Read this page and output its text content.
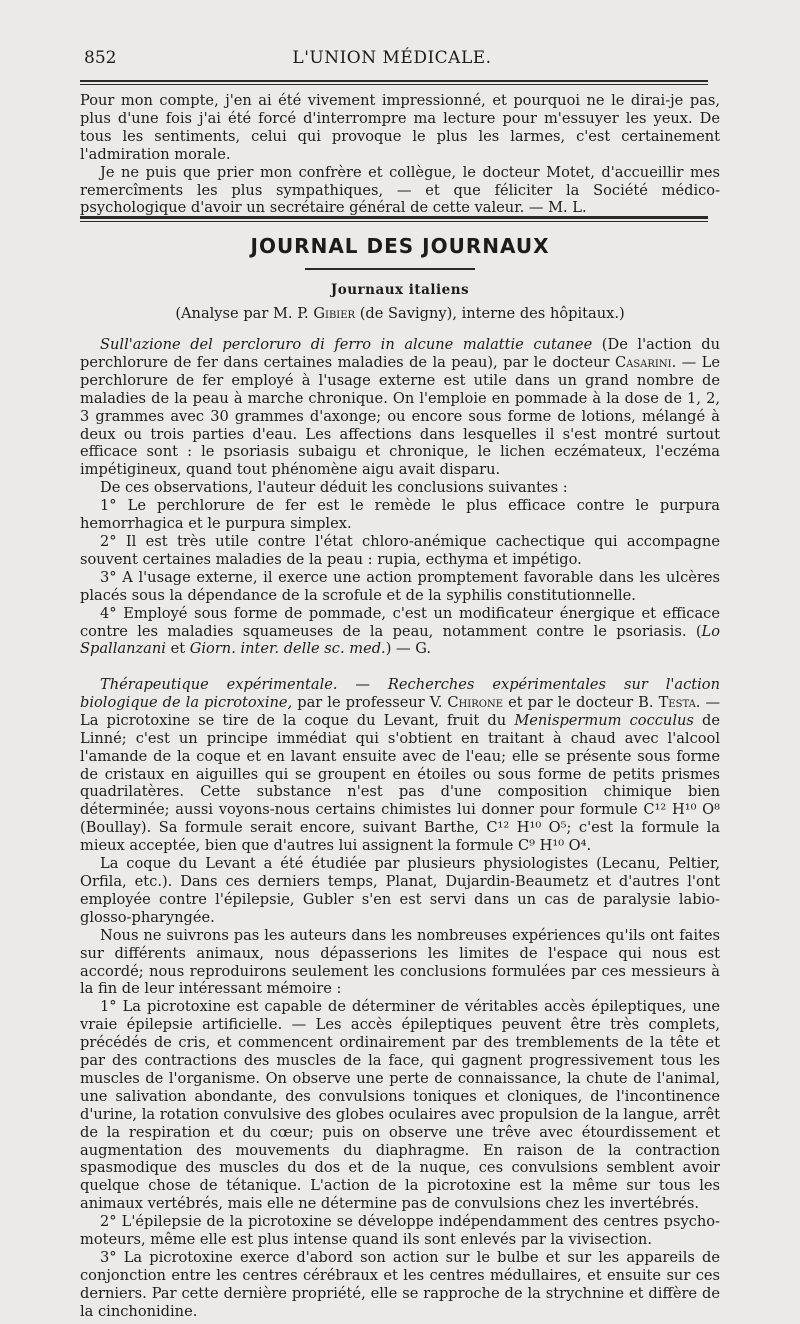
852	L'UNION MÉDICALE.

Pour mon compte, j'en ai été vivement impressionné, et pourquoi ne le dirai-je pas, plus d'une fois j'ai été forcé d'interrompre ma lecture pour m'essuyer les yeux. De tous les sentiments, celui qui provoque le plus les larmes, c'est certainement l'admiration morale.

Je ne puis que prier mon confrère et collègue, le docteur Motet, d'accueillir mes remercîments les plus sympathiques, — et que féliciter la Société médico-psychologique d'avoir un secrétaire général de cette valeur. — M. L.

JOURNAL DES JOURNAUX
Journaux italiens
(Analyse par M. P. Gibier (de Savigny), interne des hôpitaux.)

Sull'azione del percloruro di ferro in alcune malattie cutanee (De l'action du perchlorure de fer dans certaines maladies de la peau), par le docteur Casarini. — Le perchlorure de fer employé à l'usage externe est utile dans un grand nombre de maladies de la peau à marche chronique. On l'emploie en pommade à la dose de 1, 2, 3 grammes avec 30 grammes d'axonge; ou encore sous forme de lotions, mélangé à deux ou trois parties d'eau. Les affections dans lesquelles il s'est montré surtout efficace sont : le psoriasis subaigu et chronique, le lichen eczémateux, l'eczéma impétigineux, quand tout phénomène aigu avait disparu.

De ces observations, l'auteur déduit les conclusions suivantes :

1° Le perchlorure de fer est le remède le plus efficace contre le purpura hemorrhagica et le purpura simplex.

2° Il est très utile contre l'état chloro-anémique cachectique qui accompagne souvent certaines maladies de la peau : rupia, ecthyma et impétigo.

3° A l'usage externe, il exerce une action promptement favorable dans les ulcères placés sous la dépendance de la scrofule et de la syphilis constitutionnelle.

4° Employé sous forme de pommade, c'est un modificateur énergique et efficace contre les maladies squameuses de la peau, notamment contre le psoriasis. (Lo Spallanzani et Giorn. inter. delle sc. med.) — G.

Thérapeutique expérimentale. — Recherches expérimentales sur l'action biologique de la picrotoxine, par le professeur V. Chirone et par le docteur B. Testa. — La picrotoxine se tire de la coque du Levant, fruit du Menispermum cocculus de Linné; c'est un principe immédiat qui s'obtient en traitant à chaud avec l'alcool l'amande de la coque et en lavant ensuite avec de l'eau; elle se présente sous forme de cristaux en aiguilles qui se groupent en étoiles ou sous forme de petits prismes quadrilatères. Cette substance n'est pas d'une composition chimique bien déterminée; aussi voyons-nous certains chimistes lui donner pour formule C¹² H¹⁰ O⁸ (Boullay). Sa formule serait encore, suivant Barthe, C¹² H¹⁰ O⁵; c'est la formule la mieux acceptée, bien que d'autres lui assignent la formule C⁹ H¹⁰ O⁴.

La coque du Levant a été étudiée par plusieurs physiologistes (Lecanu, Peltier, Orfila, etc.). Dans ces derniers temps, Planat, Dujardin-Beaumetz et d'autres l'ont employée contre l'épilepsie, Gubler s'en est servi dans un cas de paralysie labio-glosso-pharyngée.

Nous ne suivrons pas les auteurs dans les nombreuses expériences qu'ils ont faites sur différents animaux, nous dépasserions les limites de l'espace qui nous est accordé; nous reproduirons seulement les conclusions formulées par ces messieurs à la fin de leur intéressant mémoire :

1° La picrotoxine est capable de déterminer de véritables accès épileptiques, une vraie épilepsie artificielle. — Les accès épileptiques peuvent être très complets, précédés de cris, et commencent ordinairement par des tremblements de la tête et par des contractions des muscles de la face, qui gagnent progressivement tous les muscles de l'organisme. On observe une perte de connaissance, la chute de l'animal, une salivation abondante, des convulsions toniques et cloniques, de l'incontinence d'urine, la rotation convulsive des globes oculaires avec propulsion de la langue, arrêt de la respiration et du cœur; puis on observe une trêve avec étourdissement et augmentation des mouvements du diaphragme. En raison de la contraction spasmodique des muscles du dos et de la nuque, ces convulsions semblent avoir quelque chose de tétanique. L'action de la picrotoxine est la même sur tous les animaux vertébrés, mais elle ne détermine pas de convulsions chez les invertébrés.

2° L'épilepsie de la picrotoxine se développe indépendamment des centres psycho-moteurs, même elle est plus intense quand ils sont enlevés par la vivisection.

3° La picrotoxine exerce d'abord son action sur le bulbe et sur les appareils de conjonction entre les centres cérébraux et les centres médullaires, et ensuite sur ces derniers. Par cette dernière propriété, elle se rapproche de la strychnine et diffère de la cinchonidine.
